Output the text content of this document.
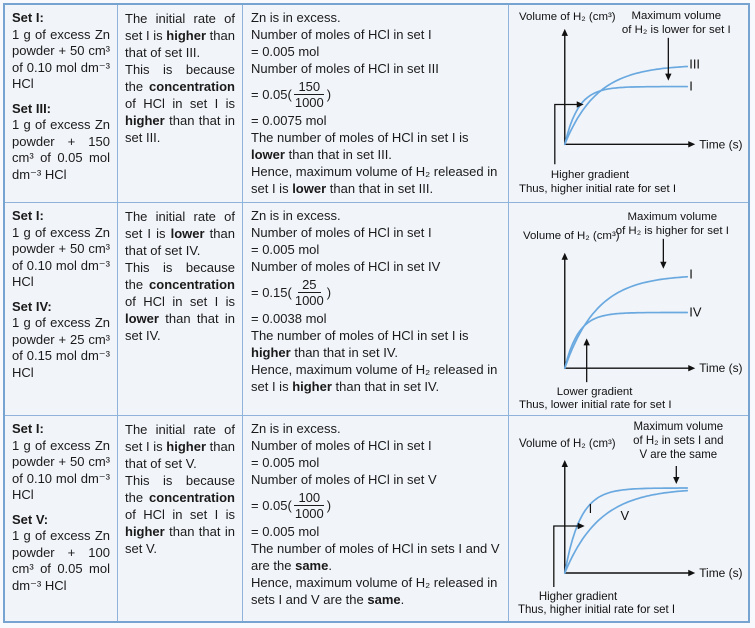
Set I:
1 g of excess Zn powder + 50 cm³ of 0.10 mol dm⁻³ HCl
Set III:
1 g of excess Zn powder + 150 cm³ of 0.05 mol dm⁻³ HCl

The initial rate of set I is higher than that of set III.

This is because the concentration of HCl in set I is higher than that in set III.

Zn is in excess.
Number of moles of HCl in set I
= 0.005 mol
Number of moles of HCl in set III
= $0.05( \frac{150}{1000}$ )
= 0.0075 mol
The number of moles of HCl in set I is lower than that in set III.
Hence, maximum volume of H₂ released in set I is lower than that in set III.
Volume of H₂ (cm³)
Time (s)
III
I
Maximum volume
of H₂ is lower for set I
Higher gradient
Thus, higher initial rate for set I
Set I:
1 g of excess Zn powder + 50 cm³ of 0.10 mol dm⁻³ HCl
Set IV:
1 g of excess Zn powder + 25 cm³ of 0.15 mol dm⁻³ HCl

The initial rate of set I is lower than that of set IV.

This is because the concentration of HCl in set I is lower than that in set IV.

Zn is in excess.
Number of moles of HCl in set I
= 0.005 mol
Number of moles of HCl in set IV
= $0.15( \frac{25}{1000}$ )
= 0.0038 mol
The number of moles of HCl in set I is higher than that in set IV.
Hence, maximum volume of H₂ released in set I is higher than that in set IV.
Volume of H₂ (cm³)
Time (s)
I
IV
Maximum volume
of H₂ is higher for set I
Lower gradient
Thus, lower initial rate for set I
Set I:
1 g of excess Zn powder + 50 cm³ of 0.10 mol dm⁻³ HCl
Set V:
1 g of excess Zn powder + 100 cm³ of 0.05 mol dm⁻³ HCl

The initial rate of set I is higher than that of set V.

This is because the concentration of HCl in set I is higher than that in set V.

Zn is in excess.
Number of moles of HCl in set I
= 0.005 mol
Number of moles of HCl in set V
= $0.05( \frac{100}{1000}$ )
= 0.005 mol
The number of moles of HCl in sets I and V are the same.
Hence, maximum volume of H₂ released in sets I and V are the same.
Volume of H₂ (cm³)
Time (s)
I V
Maximum volume
of H₂ in sets I and
V are the same
Higher gradient
Thus, higher initial rate for set I
